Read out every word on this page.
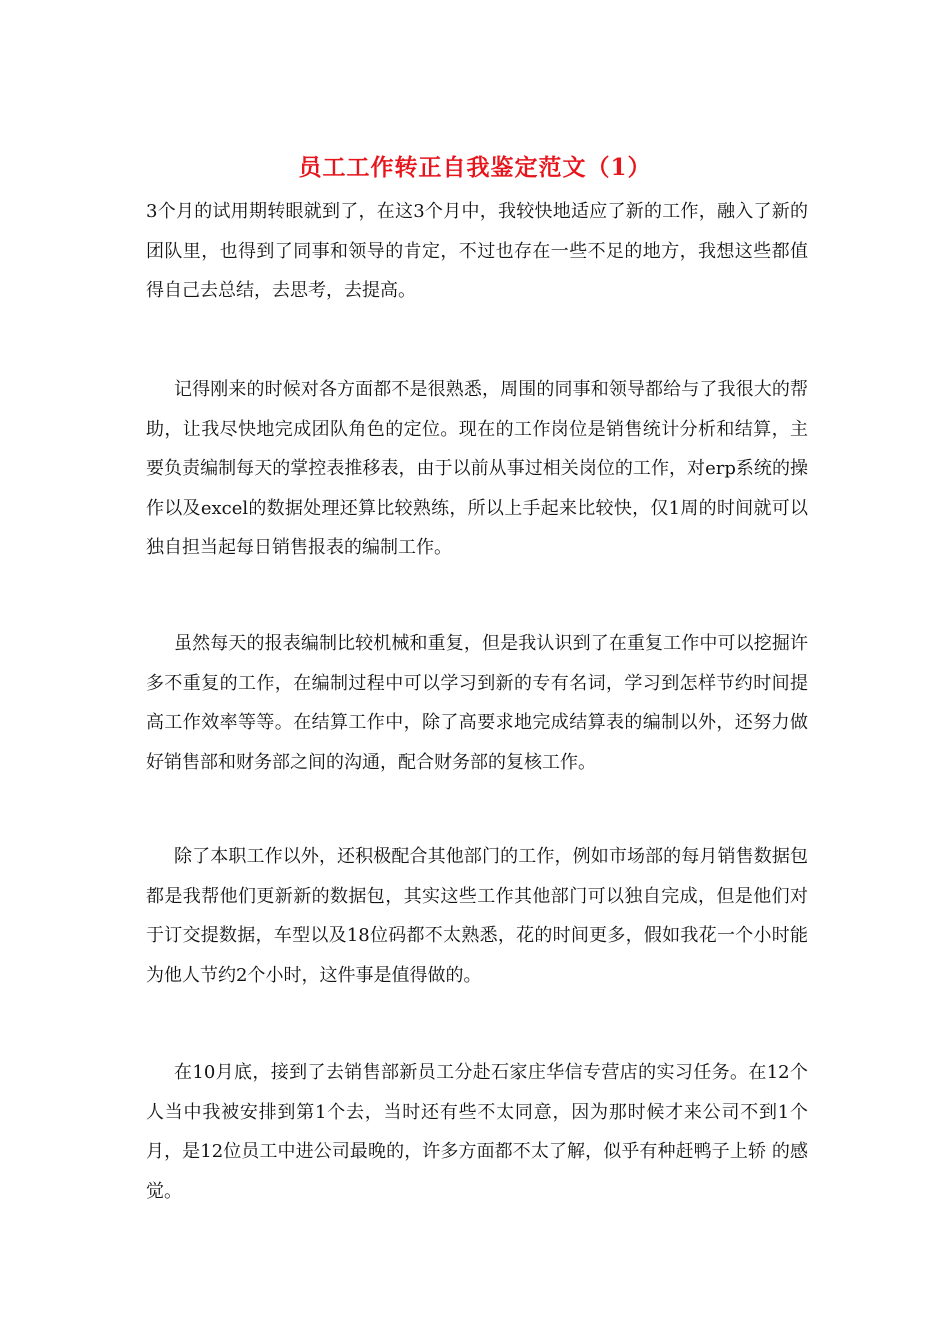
员工工作转正自我鉴定范文（1）

3个月的试用期转眼就到了，在这3个月中，我较快地适应了新的工作，融入了新的团队里，也得到了同事和领导的肯定，不过也存在一些不足的地方，我想这些都值得自己去总结，去思考，去提高。

记得刚来的时候对各方面都不是很熟悉，周围的同事和领导都给与了我很大的帮助，让我尽快地完成团队角色的定位。现在的工作岗位是销售统计分析和结算，主要负责编制每天的掌控表推移表，由于以前从事过相关岗位的工作，对erp系统的操作以及excel的数据处理还算比较熟练，所以上手起来比较快，仅1周的时间就可以独自担当起每日销售报表的编制工作。

虽然每天的报表编制比较机械和重复，但是我认识到了在重复工作中可以挖掘许多不重复的工作，在编制过程中可以学习到新的专有名词，学习到怎样节约时间提高工作效率等等。在结算工作中，除了高要求地完成结算表的编制以外，还努力做好销售部和财务部之间的沟通，配合财务部的复核工作。

除了本职工作以外，还积极配合其他部门的工作，例如市场部的每月销售数据包都是我帮他们更新新的数据包，其实这些工作其他部门可以独自完成，但是他们对于订交提数据，车型以及18位码都不太熟悉，花的时间更多，假如我花一个小时能为他人节约2个小时，这件事是值得做的。

在10月底，接到了去销售部新员工分赴石家庄华信专营店的实习任务。在12个人当中我被安排到第1个去，当时还有些不太同意，因为那时候才来公司不到1个月，是12位员工中进公司最晚的，许多方面都不太了解，似乎有种赶鸭子上轿 的感觉。
